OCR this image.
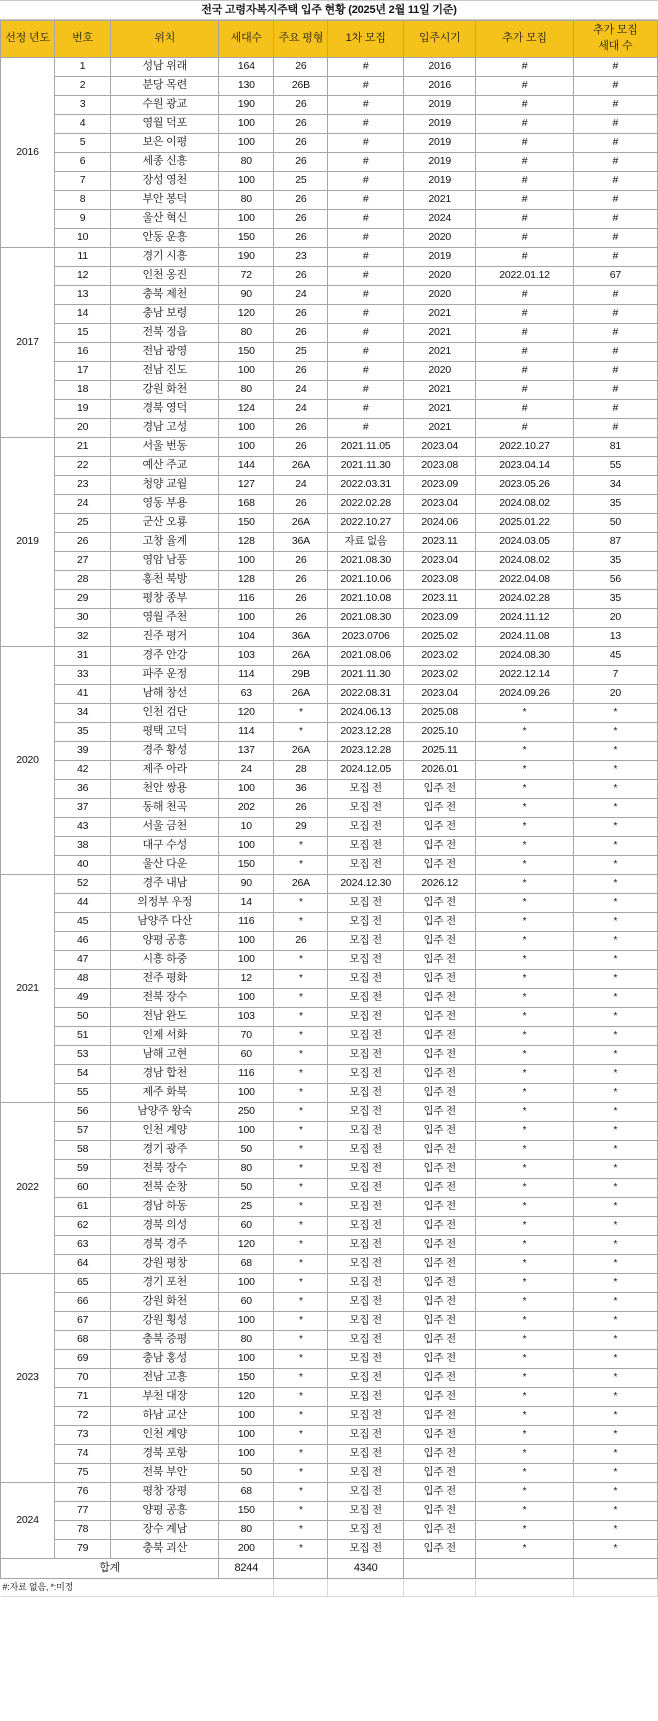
전국 고령자복지주택 입주 현황 (2025년 2월 11일 기준)
선정 년도	번호	위치	세대수	주요 평형	1차 모집	입주시기	추가 모집	추가 모집
세대 수

2016	1	성남 위래	164	26	#	2016	#	#
	2	분당 목련	130	26B	#	2016	#	#
	3	수원 광교	190	26	#	2019	#	#
	4	영월 덕포	100	26	#	2019	#	#
	5	보은 이평	100	26	#	2019	#	#
	6	세종 신흥	80	26	#	2019	#	#
	7	장성 영천	100	25	#	2019	#	#
	8	부안 봉덕	80	26	#	2021	#	#
	9	울산 혁신	100	26	#	2024	#	#
	10	안동 운흥	150	26	#	2020	#	#
2017	11	경기 시흥	190	23	#	2019	#	#
	12	인천 옹진	72	26	#	2020	2022.01.12	67
	13	충북 제천	90	24	#	2020	#	#
	14	충남 보령	120	26	#	2021	#	#
	15	전북 정읍	80	26	#	2021	#	#
	16	전남 광영	150	25	#	2021	#	#
	17	전남 진도	100	26	#	2020	#	#
	18	강원 화천	80	24	#	2021	#	#
	19	경북 영덕	124	24	#	2021	#	#
	20	경남 고성	100	26	#	2021	#	#
2019	21	서울 번동	100	26	2021.11.05	2023.04	2022.10.27	81
	22	예산 주교	144	26A	2021.11.30	2023.08	2023.04.14	55
	23	청양 교월	127	24	2022.03.31	2023.09	2023.05.26	34
	24	영동 부용	168	26	2022.02.28	2023.04	2024.08.02	35
	25	군산 오룡	150	26A	2022.10.27	2024.06	2025.01.22	50
	26	고창 율계	128	36A	자료 없음	2023.11	2024.03.05	87
	27	영암 남풍	100	26	2021.08.30	2023.04	2024.08.02	35
	28	홍천 북방	128	26	2021.10.06	2023.08	2022.04.08	56
	29	평창 종부	116	26	2021.10.08	2023.11	2024.02.28	35
	30	영월 주천	100	26	2021.08.30	2023.09	2024.11.12	20
	32	진주 평거	104	36A	2023.0706	2025.02	2024.11.08	13
2020	31	경주 안강	103	26A	2021.08.06	2023.02	2024.08.30	45
	33	파주 운정	114	29B	2021.11.30	2023.02	2022.12.14	7
	41	남해 창선	63	26A	2022.08.31	2023.04	2024.09.26	20
	34	인천 검단	120	*	2024.06.13	2025.08	*	*
	35	평택 고덕	114	*	2023.12.28	2025.10	*	*
	39	경주 황성	137	26A	2023.12.28	2025.11	*	*
	42	제주 아라	24	28	2024.12.05	2026.01	*	*
	36	천안 쌍용	100	36	모집 전	입주 전	*	*
	37	동해 천곡	202	26	모집 전	입주 전	*	*
	43	서울 금천	10	29	모집 전	입주 전	*	*
	38	대구 수성	100	*	모집 전	입주 전	*	*
	40	울산 다운	150	*	모집 전	입주 전	*	*
2021	52	경주 내남	90	26A	2024.12.30	2026.12	*	*
	44	의정부 우정	14	*	모집 전	입주 전	*	*
	45	남양주 다산	116	*	모집 전	입주 전	*	*
	46	양평 공흥	100	26	모집 전	입주 전	*	*
	47	시흥 하중	100	*	모집 전	입주 전	*	*
	48	전주 평화	12	*	모집 전	입주 전	*	*
	49	전북 장수	100	*	모집 전	입주 전	*	*
	50	전남 완도	103	*	모집 전	입주 전	*	*
	51	인제 서화	70	*	모집 전	입주 전	*	*
	53	남해 고현	60	*	모집 전	입주 전	*	*
	54	경남 합천	116	*	모집 전	입주 전	*	*
	55	제주 화북	100	*	모집 전	입주 전	*	*
2022	56	남양주 왕숙	250	*	모집 전	입주 전	*	*
	57	인천 계양	100	*	모집 전	입주 전	*	*
	58	경기 광주	50	*	모집 전	입주 전	*	*
	59	전북 장수	80	*	모집 전	입주 전	*	*
	60	전북 순창	50	*	모집 전	입주 전	*	*
	61	경남 하동	25	*	모집 전	입주 전	*	*
	62	경북 의성	60	*	모집 전	입주 전	*	*
	63	경북 경주	120	*	모집 전	입주 전	*	*
	64	강원 평창	68	*	모집 전	입주 전	*	*
2023	65	경기 포천	100	*	모집 전	입주 전	*	*
	66	강원 화천	60	*	모집 전	입주 전	*	*
	67	강원 횡성	100	*	모집 전	입주 전	*	*
	68	충북 증평	80	*	모집 전	입주 전	*	*
	69	충남 홍성	100	*	모집 전	입주 전	*	*
	70	전남 고흥	150	*	모집 전	입주 전	*	*
	71	부천 대장	120	*	모집 전	입주 전	*	*
	72	하남 교산	100	*	모집 전	입주 전	*	*
	73	인천 계양	100	*	모집 전	입주 전	*	*
	74	경북 포항	100	*	모집 전	입주 전	*	*
	75	전북 부안	50	*	모집 전	입주 전	*	*
2024	76	평창 장평	68	*	모집 전	입주 전	*	*
	77	양평 공흥	150	*	모집 전	입주 전	*	*
	78	장수 계남	80	*	모집 전	입주 전	*	*
	79	충북 괴산	200	*	모집 전	입주 전	*	*
합계			8244		4340			
#:자료 없음, *:미정								
